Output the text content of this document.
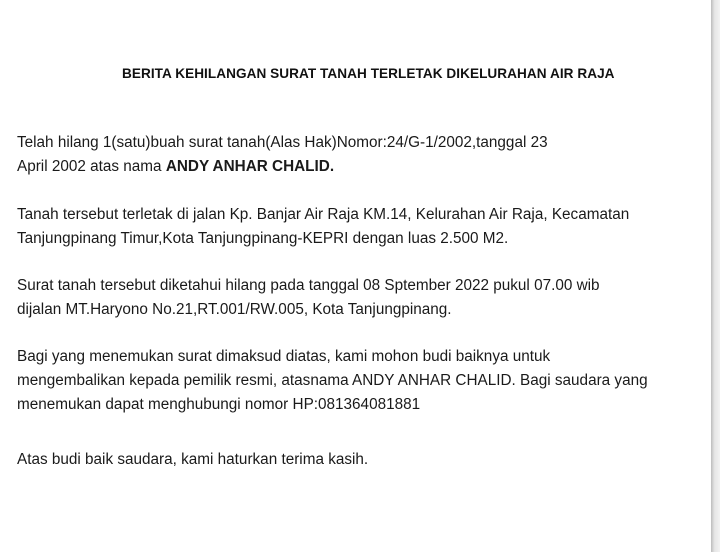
BERITA KEHILANGAN SURAT TANAH TERLETAK DIKELURAHAN AIR RAJA

Telah hilang 1(satu)buah surat tanah(Alas Hak)Nomor:24/G-1/2002,tanggal 23
April 2002 atas nama ANDY ANHAR CHALID.

Tanah tersebut terletak di jalan Kp. Banjar Air Raja KM.14, Kelurahan Air Raja, Kecamatan
Tanjungpinang Timur,Kota Tanjungpinang-KEPRI dengan luas 2.500 M2.

Surat tanah tersebut diketahui hilang pada tanggal 08 Sptember 2022 pukul 07.00 wib
dijalan MT.Haryono No.21,RT.001/RW.005, Kota Tanjungpinang.

Bagi yang menemukan surat dimaksud diatas, kami mohon budi baiknya untuk
mengembalikan kepada pemilik resmi, atasnama ANDY ANHAR CHALID. Bagi saudara yang
menemukan dapat menghubungi nomor HP:081364081881

Atas budi baik saudara, kami haturkan terima kasih.
